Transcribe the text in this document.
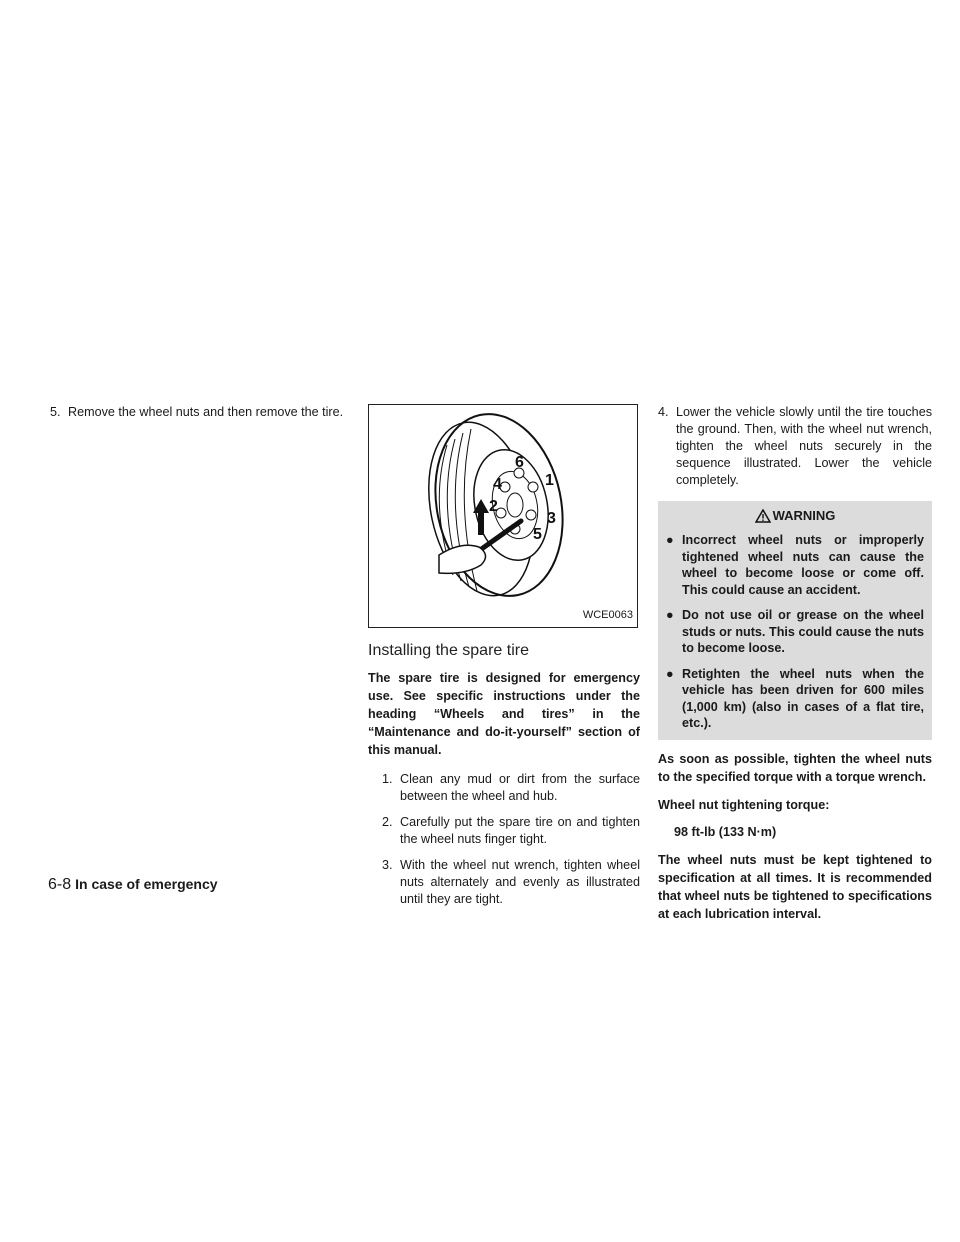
5. Remove the wheel nuts and then remove the tire.
6
1
3
5
2
4
WCE0063
Installing the spare tire
The spare tire is designed for emergency use. See specific instructions under the heading “Wheels and tires” in the “Maintenance and do-it-yourself” section of this manual.
1. Clean any mud or dirt from the surface between the wheel and hub.
2. Carefully put the spare tire on and tighten the wheel nuts finger tight.
3. With the wheel nut wrench, tighten wheel nuts alternately and evenly as illustrated until they are tight.
4. Lower the vehicle slowly until the tire touches the ground. Then, with the wheel nut wrench, tighten the wheel nuts securely in the sequence illustrated. Lower the vehicle completely.
WARNING
● Incorrect wheel nuts or improperly tightened wheel nuts can cause the wheel to become loose or come off. This could cause an accident.
● Do not use oil or grease on the wheel studs or nuts. This could cause the nuts to become loose.
● Retighten the wheel nuts when the vehicle has been driven for 600 miles (1,000 km) (also in cases of a flat tire, etc.).
As soon as possible, tighten the wheel nuts to the specified torque with a torque wrench.
Wheel nut tightening torque:
98 ft-lb (133 N·m)
The wheel nuts must be kept tightened to specification at all times. It is recommended that wheel nuts be tightened to specifications at each lubrication interval.
6-8 In case of emergency
